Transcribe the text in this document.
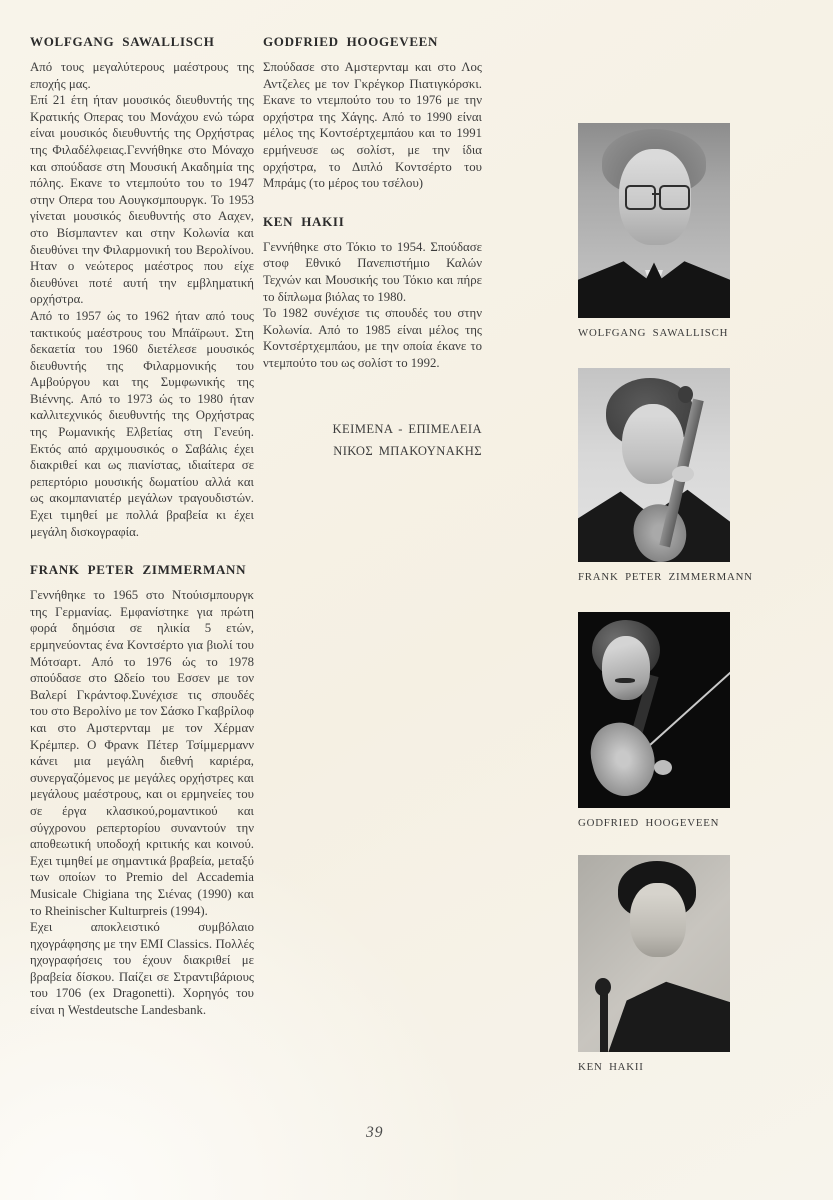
WOLFGANG SAWALLISCH

Από τους μεγαλύτερους μαέστρους της εποχής μας.

Επί 21 έτη ήταν μουσικός διευθυντής της Κρατικής Οπερας του Μονάχου ενώ τώρα είναι μουσικός διευθυντής της Ορχήστρας της Φιλαδέλφειας.Γεννήθηκε στο Μόναχο και σπούδασε στη Μουσική Ακαδημία της πόλης. Εκανε το ντεμπούτο του το 1947 στην Οπερα του Αουγκσμπουργκ. Το 1953 γίνεται μουσικός διευθυντής στο Ααχεν, στο Βίσμπαντεν και στην Κολωνία και διευθύνει την Φιλαρμονική του Βερολίνου. Ηταν ο νεώτερος μαέστρος που είχε διευθύνει ποτέ αυτή την εμβληματική ορχήστρα.

Από το 1957 ώς το 1962 ήταν από τους τακτικούς μαέστρους του Μπάϊρωυτ. Στη δεκαετία του 1960 διετέλεσε μουσικός διευθυντής της Φιλαρμονικής του Αμβούργου και της Συμφωνικής της Βιέννης. Από το 1973 ώς το 1980 ήταν καλλιτεχνικός διευθυντής της Ορχήστρας της Ρωμανικής Ελβετίας στη Γενεύη. Εκτός από αρχιμουσικός ο Σαβάλις έχει διακριθεί και ως πιανίστας, ιδιαίτερα σε ρεπερτόριο μουσικής δωματίου αλλά και ως ακομπανιατέρ μεγάλων τραγουδιστών. Εχει τιμηθεί με πολλά βραβεία κι έχει μεγάλη δισκογραφία.

FRANK PETER ZIMMERMANN

Γεννήθηκε το 1965 στο Ντούισμπουργκ της Γερμανίας. Εμφανίστηκε για πρώτη φορά δημόσια σε ηλικία 5 ετών, ερμηνεύοντας ένα Κοντσέρτο για βιολί του Μότσαρτ. Από το 1976 ώς το 1978 σπούδασε στο Ωδείο του Εσσεν με τον Βαλερί Γκράντοφ.Συνέχισε τις σπουδές του στο Βερολίνο με τον Σάσκο Γκαβρίλοφ και στο Αμστερνταμ με τον Χέρμαν Κρέμπερ. Ο Φρανκ Πέτερ Τσίμμερμανν κάνει μια μεγάλη διεθνή καριέρα, συνεργαζόμενος με μεγάλες ορχήστρες και μεγάλους μαέστρους, και οι ερμηνείες του σε έργα κλασικού,ρομαντικού και σύγχρονου ρεπερτορίου συναντούν την αποθεωτική υποδοχή κριτικής και κοινού. Εχει τιμηθεί με σημαντικά βραβεία, μεταξύ των οποίων το Premio del Accademia Musicale Chigiana της Σιένας (1990) και το Rheinischer Kulturpreis (1994).

Εχει αποκλειστικό συμβόλαιο ηχογράφησης με την EMI Classics. Πολλές ηχογραφήσεις του έχουν διακριθεί με βραβεία δίσκου. Παίζει σε Στραντιβάριους του 1706 (ex Dragonetti). Χορηγός του είναι η Westdeutsche Landesbank.

GODFRIED HOOGEVEEN

Σπούδασε στο Αμστερνταμ και στο Λος Αντζελες με τον Γκρέγκορ Πιατιγκόρσκι. Εκανε το ντεμπούτο του το 1976 με την ορχήστρα της Χάγης. Από το 1990 είναι μέλος της Κοντσέρτχεμπάου και το 1991 ερμήνευσε ως σολίστ, με την ίδια ορχήστρα, το Διπλό Κοντσέρτο του Μπράμς (το μέρος του τσέλου)

KEN HAKII

Γεννήθηκε στο Τόκιο το 1954. Σπούδασε στοφ Εθνικό Πανεπιστήμιο Καλών Τεχνών και Μουσικής του Τόκιο και πήρε το δίπλωμα βιόλας το 1980.

Το 1982 συνέχισε τις σπουδές του στην Κολωνία. Από το 1985 είναι μέλος της Κοντσέρτχεμπάου, με την οποία έκανε το ντεμπούτο του ως σολίστ το 1992.

ΚΕΙΜΕΝΑ - ΕΠΙΜΕΛΕΙΑ
ΝΙΚΟΣ ΜΠΑΚΟΥΝΑΚΗΣ
WOLFGANG SAWALLISCH
FRANK PETER ZIMMERMANN
GODFRIED HOOGEVEEN
KEN HAKII
39
